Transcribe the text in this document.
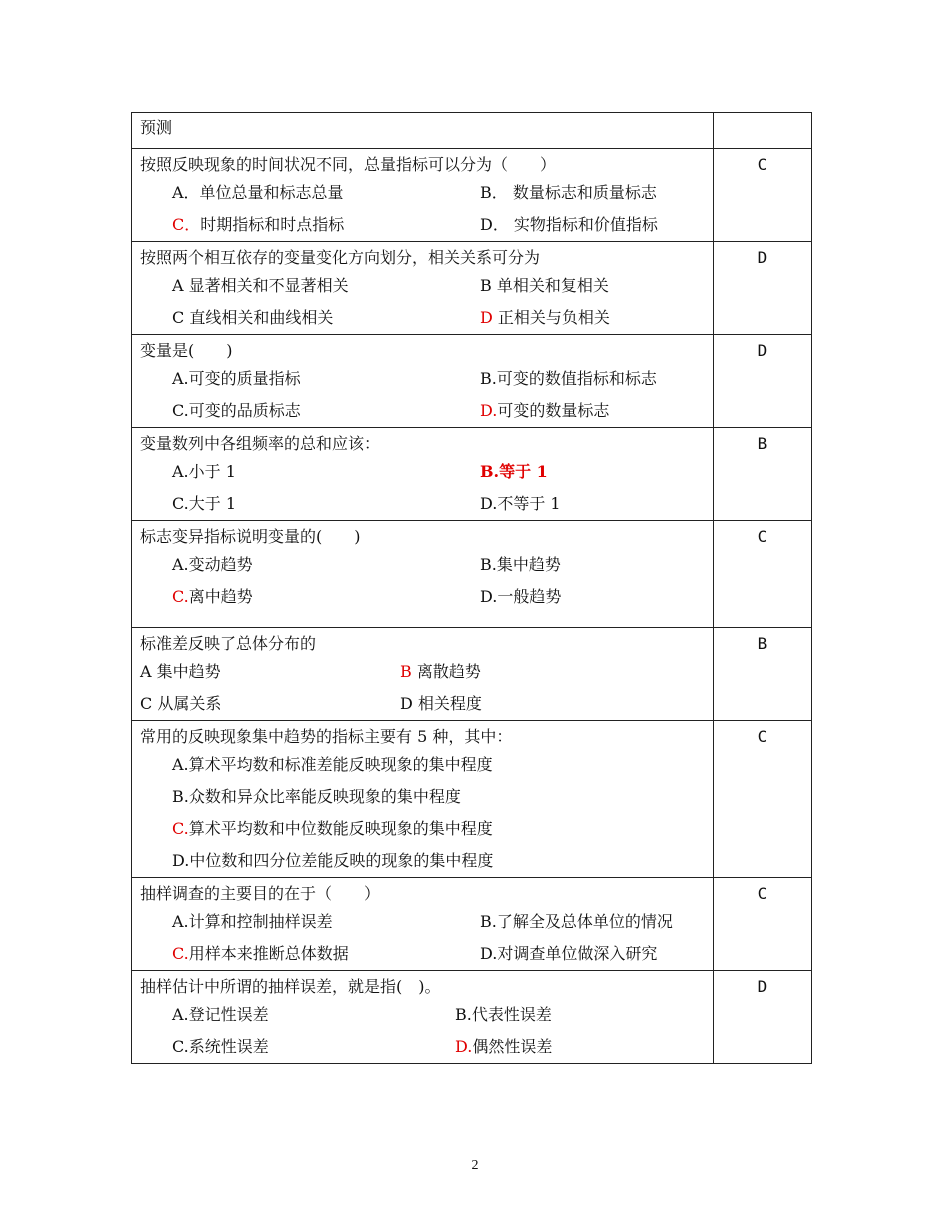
预测	

按照反映现象的时间状况不同，总量指标可以分为（　　）
A．单位总量和标志总量 B． 数量标志和质量标志
C．时期指标和时点指标 D． 实物指标和价值指标	C

按照两个相互依存的变量变化方向划分，相关关系可分为
A 显著相关和不显著相关 B 单相关和复相关
C 直线相关和曲线相关 D 正相关与负相关	D

变量是(　　)
A.可变的质量指标 B.可变的数值指标和标志
C.可变的品质标志 D.可变的数量标志	D

变量数列中各组频率的总和应该：
A.小于 1 B.等于 1
C.大于 1 D.不等于 1	B

标志变异指标说明变量的(　　)
A.变动趋势 B.集中趋势
C.离中趋势 D.一般趋势	C

标准差反映了总体分布的
A 集中趋势 B 离散趋势
C 从属关系 D 相关程度	B

常用的反映现象集中趋势的指标主要有 5 种，其中：
A.算术平均数和标准差能反映现象的集中程度
B.众数和异众比率能反映现象的集中程度
C.算术平均数和中位数能反映现象的集中程度
D.中位数和四分位差能反映的现象的集中程度	C

抽样调查的主要目的在于（　　）
A.计算和控制抽样误差 B.了解全及总体单位的情况
C.用样本来推断总体数据 D.对调查单位做深入研究	C

抽样估计中所谓的抽样误差，就是指(　)。
A.登记性误差 B.代表性误差
C.系统性误差 D.偶然性误差	D
2
